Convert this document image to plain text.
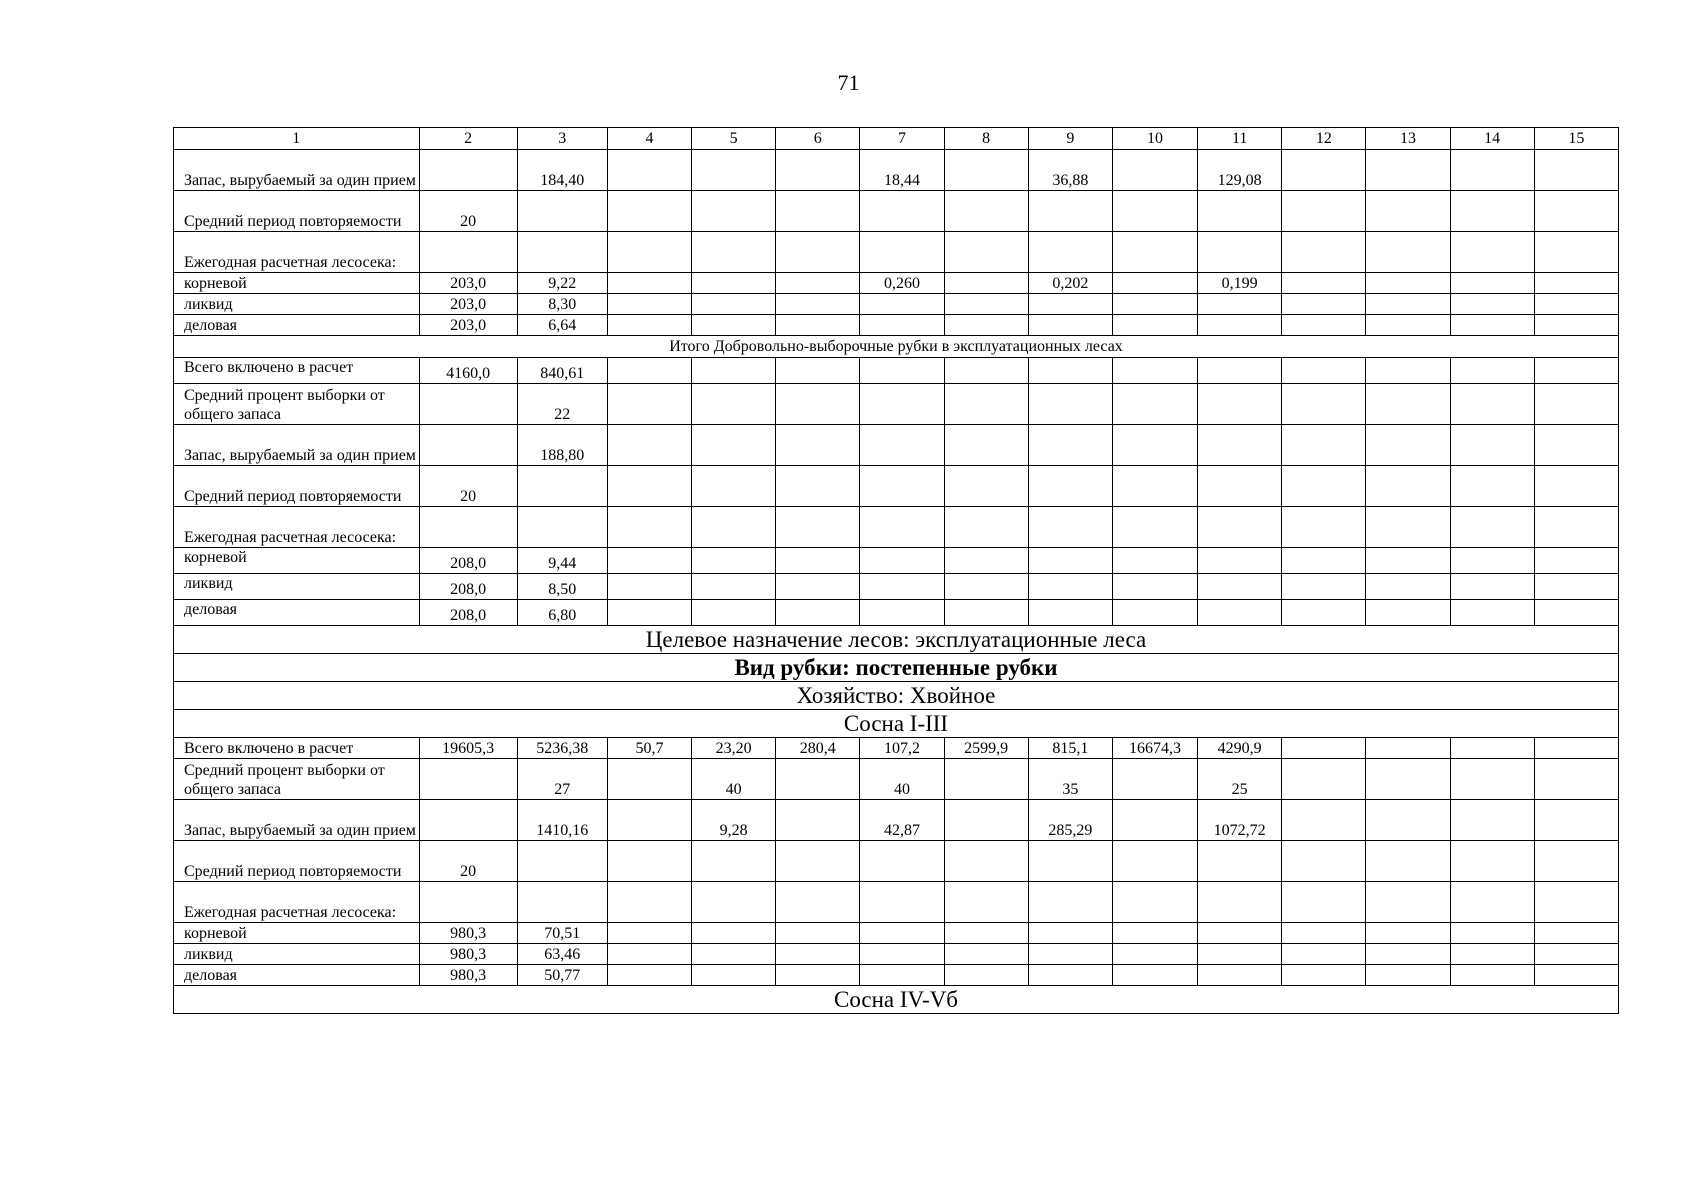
71
1	2	3	4	5	6	7	8	9	10	11	12	13	14	15
Запас, вырубаемый за один прием		184,40				18,44		36,88		129,08				
Средний период повторяемости	20													
Ежегодная расчетная лесосека:														
корневой	203,0	9,22				0,260		0,202		0,199				
ликвид	203,0	8,30												
деловая	203,0	6,64												
Итого Добровольно-выборочные рубки в эксплуатационных лесах														
Всего включено в расчет	4160,0	840,61												
Средний процент выборки от общего запаса		22												
Запас, вырубаемый за один прием		188,80												
Средний период повторяемости	20													
Ежегодная расчетная лесосека:														
корневой	208,0	9,44												
ликвид	208,0	8,50												
деловая	208,0	6,80												
Целевое назначение лесов: эксплуатационные леса														
Вид рубки: постепенные рубки														
Хозяйство: Хвойное														
Сосна I-III														
Всего включено в расчет	19605,3	5236,38	50,7	23,20	280,4	107,2	2599,9	815,1	16674,3	4290,9				
Средний процент выборки от общего запаса		27		40		40		35		25				
Запас, вырубаемый за один прием		1410,16		9,28		42,87		285,29		1072,72				
Средний период повторяемости	20													
Ежегодная расчетная лесосека:														
корневой	980,3	70,51												
ликвид	980,3	63,46												
деловая	980,3	50,77												
Сосна IV-Vб														
